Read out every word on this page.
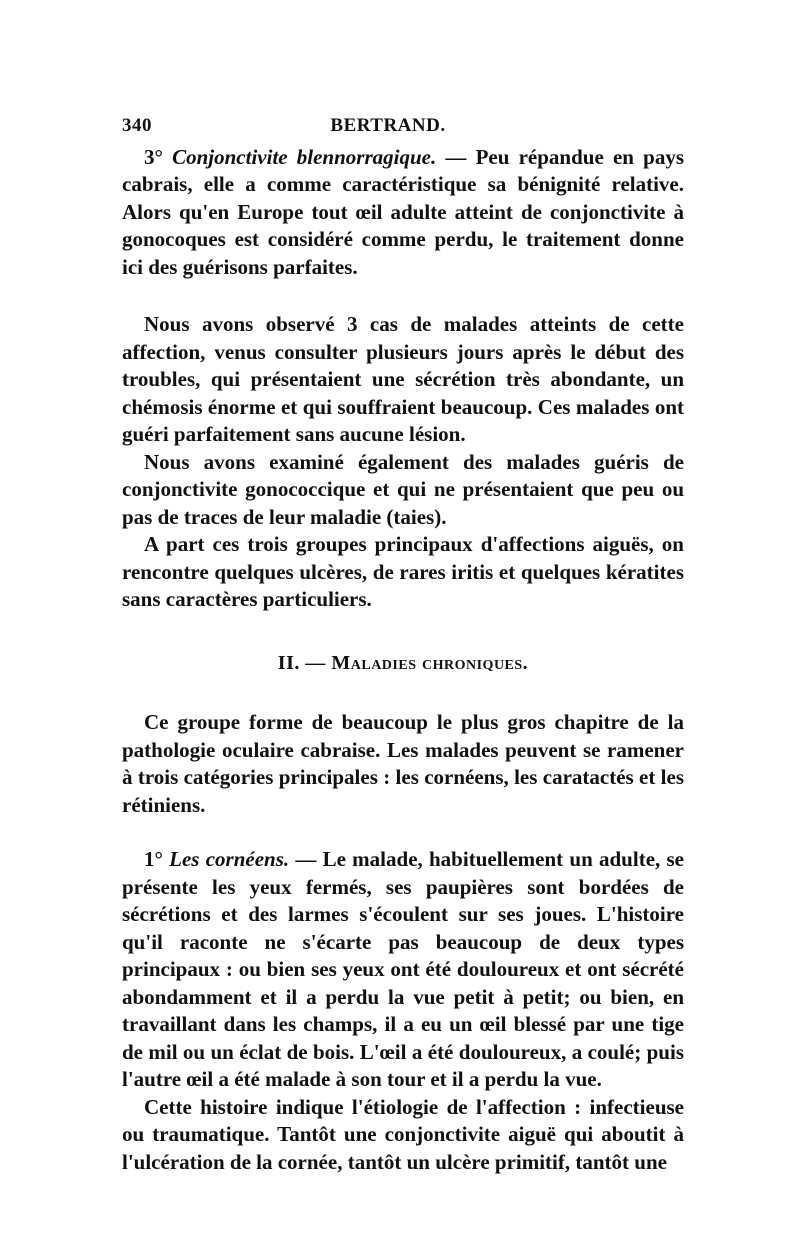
340	BERTRAND.

3° Conjonctivite blennorragique. — Peu répandue en pays cabrais, elle a comme caractéristique sa bénignité relative. Alors qu'en Europe tout œil adulte atteint de conjonctivite à gonocoques est considéré comme perdu, le traitement donne ici des guérisons parfaites.

Nous avons observé 3 cas de malades atteints de cette affection, venus consulter plusieurs jours après le début des troubles, qui présentaient une sécrétion très abondante, un chémosis énorme et qui souffraient beaucoup. Ces malades ont guéri parfaitement sans aucune lésion.

Nous avons examiné également des malades guéris de conjonctivite gonococcique et qui ne présentaient que peu ou pas de traces de leur maladie (taies).

A part ces trois groupes principaux d'affections aiguës, on rencontre quelques ulcères, de rares iritis et quelques kératites sans caractères particuliers.

II. — Maladies chroniques.

Ce groupe forme de beaucoup le plus gros chapitre de la pathologie oculaire cabraise. Les malades peuvent se ramener à trois catégories principales : les cornéens, les caratactés et les rétiniens.

1° Les cornéens. — Le malade, habituellement un adulte, se présente les yeux fermés, ses paupières sont bordées de sécrétions et des larmes s'écoulent sur ses joues. L'histoire qu'il raconte ne s'écarte pas beaucoup de deux types principaux : ou bien ses yeux ont été douloureux et ont sécrété abondamment et il a perdu la vue petit à petit; ou bien, en travaillant dans les champs, il a eu un œil blessé par une tige de mil ou un éclat de bois. L'œil a été douloureux, a coulé; puis l'autre œil a été malade à son tour et il a perdu la vue.

Cette histoire indique l'étiologie de l'affection : infectieuse ou traumatique. Tantôt une conjonctivite aiguë qui aboutit à l'ulcération de la cornée, tantôt un ulcère primitif, tantôt une
